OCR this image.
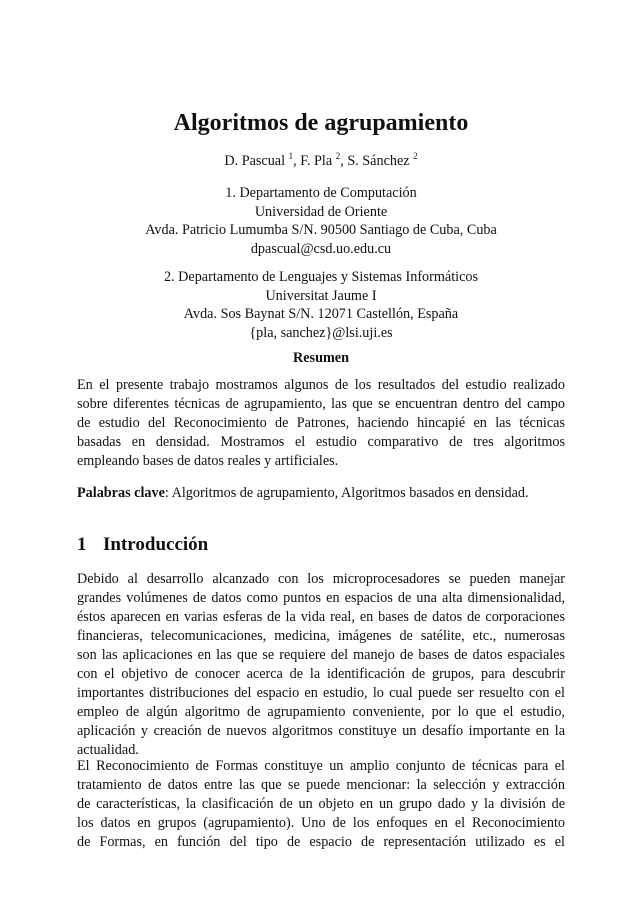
Algoritmos de agrupamiento
D. Pascual $^1$, F. Pla $^2$, S. Sánchez $^2$
1. Departamento de Computación
Universidad de Oriente
Avda. Patricio Lumumba S/N. 90500 Santiago de Cuba, Cuba
dpascual@csd.uo.edu.cu
2. Departamento de Lenguajes y Sistemas Informáticos
Universitat Jaume I
Avda. Sos Baynat S/N. 12071 Castellón, España
{pla, sanchez}@lsi.uji.es
Resumen
En el presente trabajo mostramos algunos de los resultados del estudio realizado
sobre diferentes técnicas de agrupamiento, las que se encuentran dentro del campo
de estudio del Reconocimiento de Patrones, haciendo hincapié en las técnicas
basadas en densidad. Mostramos el estudio comparativo de tres algoritmos
empleando bases de datos reales y artificiales.
Palabras clave: Algoritmos de agrupamiento, Algoritmos basados en densidad.
1 Introducción
Debido al desarrollo alcanzado con los microprocesadores se pueden manejar
grandes volúmenes de datos como puntos en espacios de una alta dimensionalidad,
éstos aparecen en varias esferas de la vida real, en bases de datos de corporaciones
financieras, telecomunicaciones, medicina, imágenes de satélite, etc., numerosas
son las aplicaciones en las que se requiere del manejo de bases de datos espaciales
con el objetivo de conocer acerca de la identificación de grupos, para descubrir
importantes distribuciones del espacio en estudio, lo cual puede ser resuelto con el
empleo de algún algoritmo de agrupamiento conveniente, por lo que el estudio,
aplicación y creación de nuevos algoritmos constituye un desafío importante en la
actualidad.
El Reconocimiento de Formas constituye un amplio conjunto de técnicas para el
tratamiento de datos entre las que se puede mencionar: la selección y extracción
de características, la clasificación de un objeto en un grupo dado y la división de
los datos en grupos (agrupamiento). Uno de los enfoques en el Reconocimiento
de Formas, en función del tipo de espacio de representación utilizado es el
